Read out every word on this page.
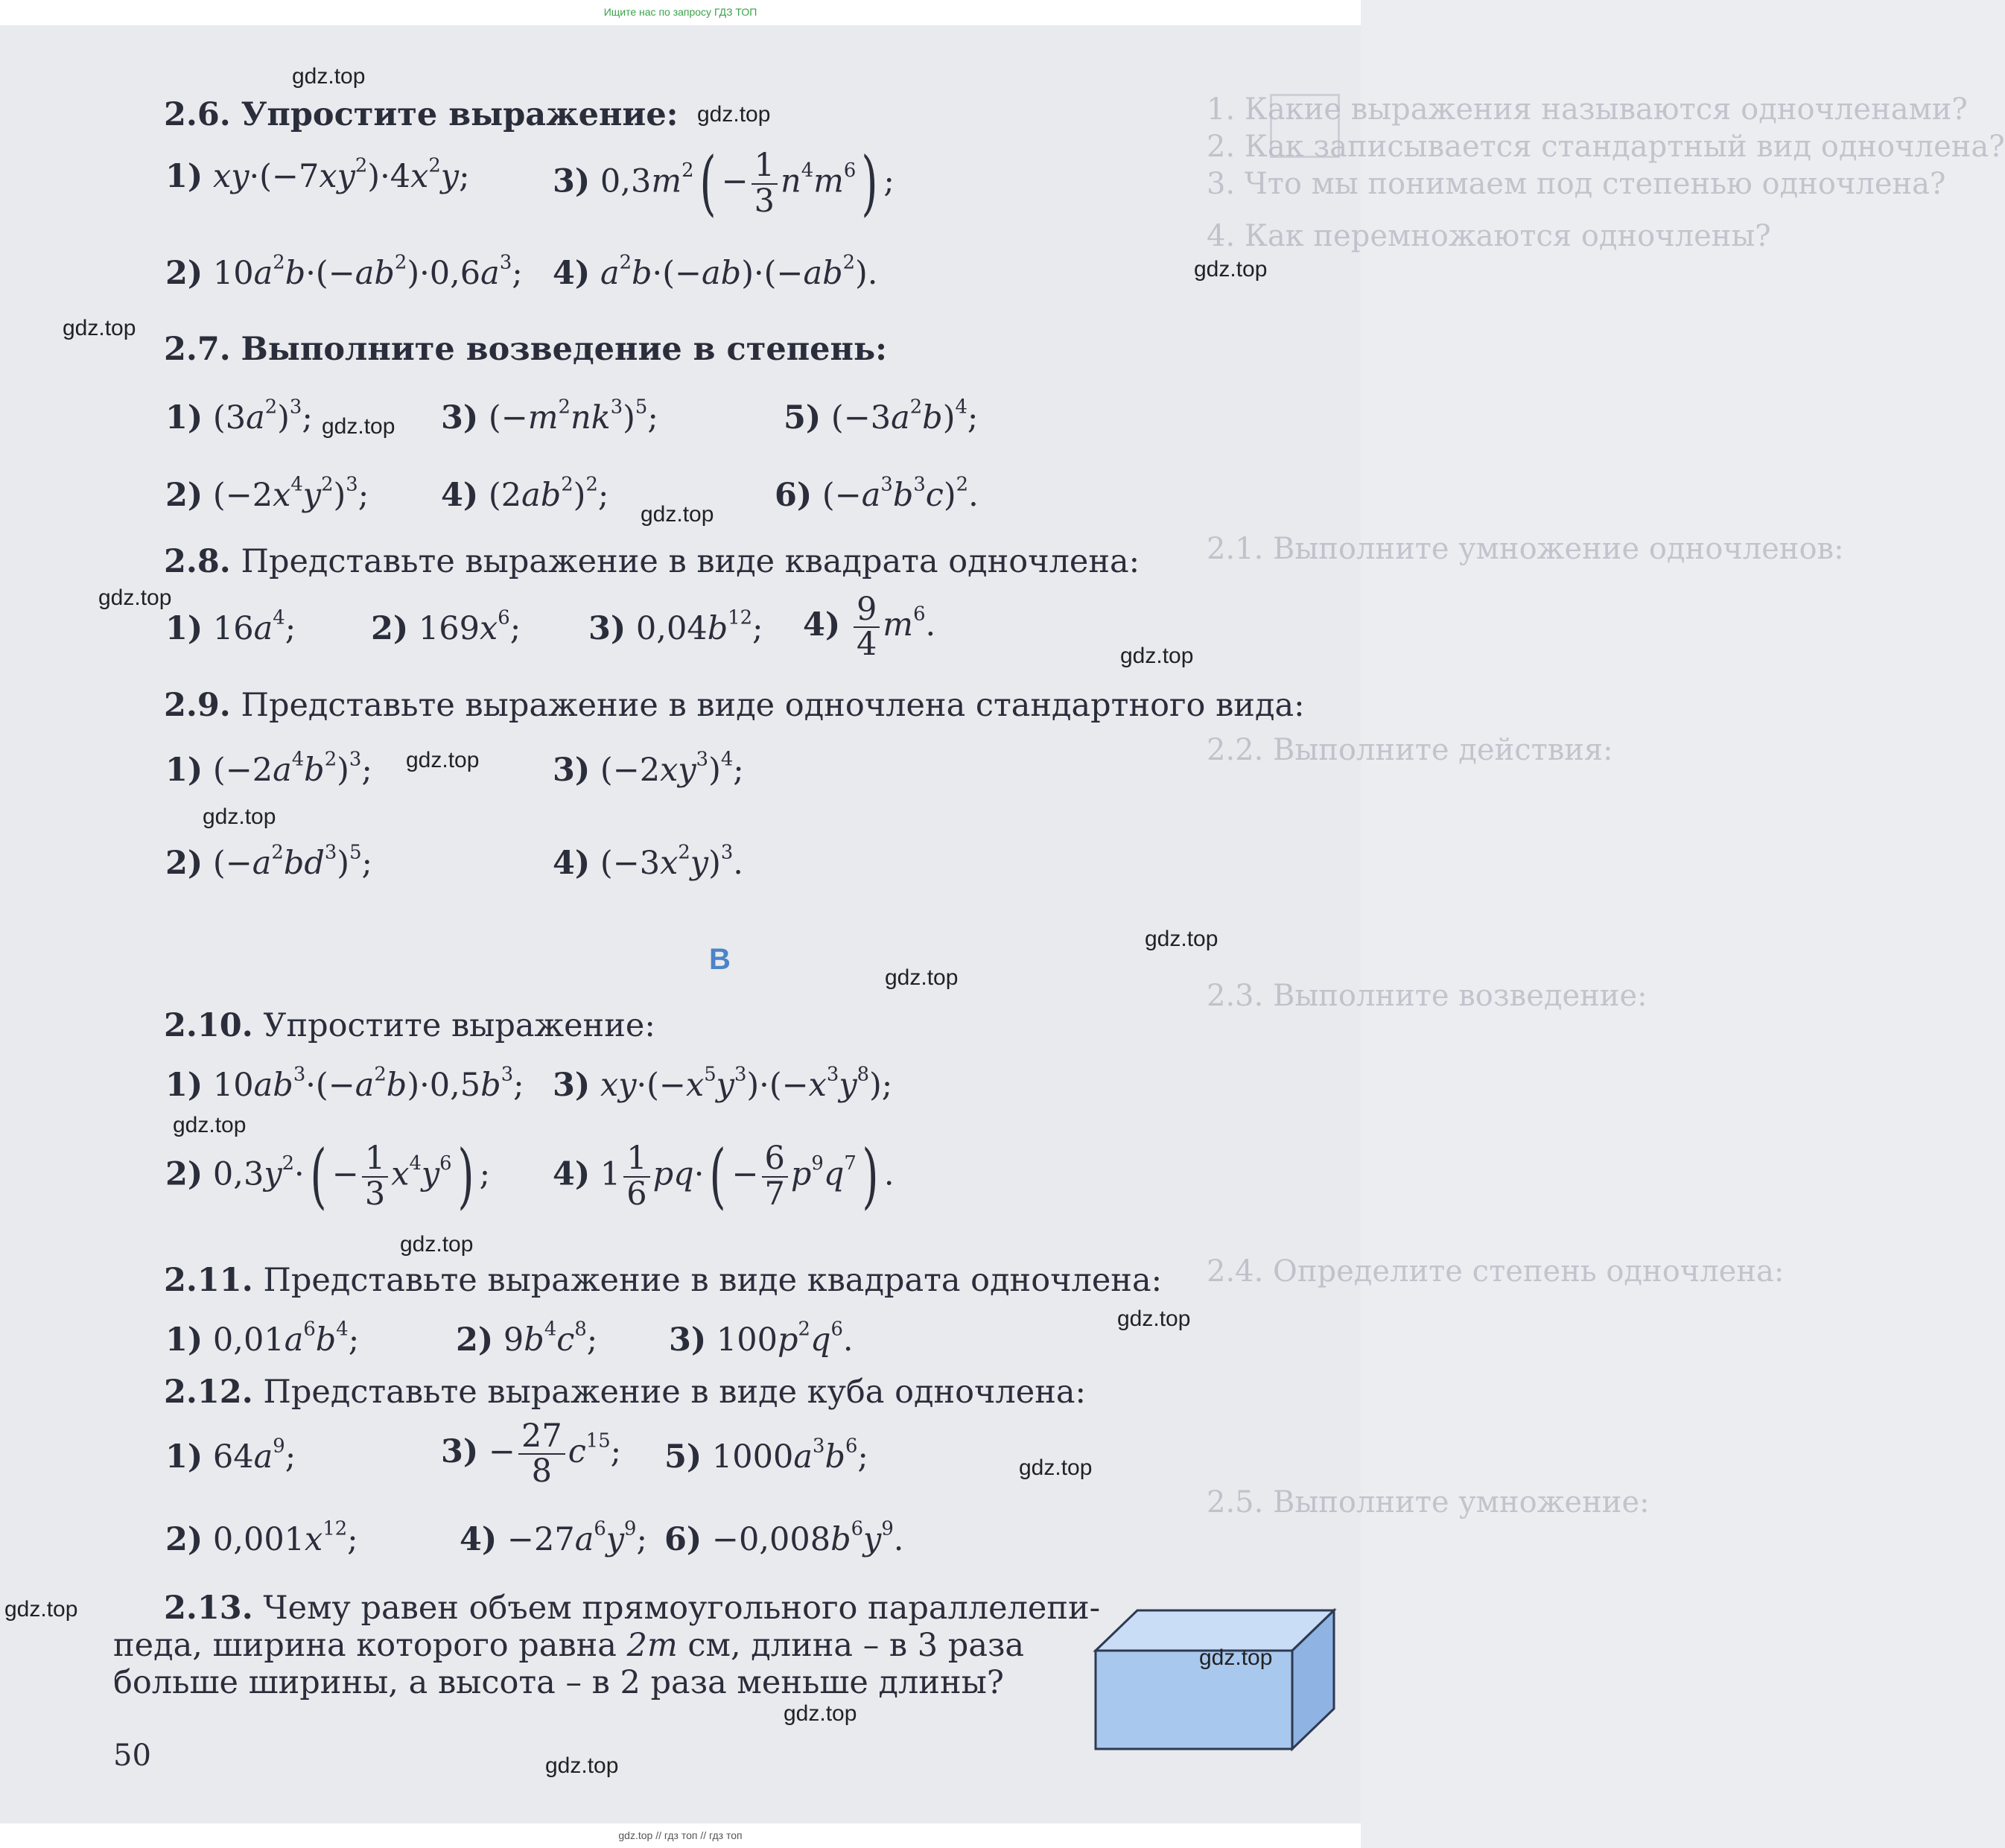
Ищите нас по запросу ГДЗ ТОП
1. Какие выражения называются одночленами?
2. Как записывается стандартный вид одночлена?
3. Что мы понимаем под степенью одночлена?
4. Как перемножаются одночлены?
2.1. Выполните умножение одночленов:
2.2. Выполните действия:
2.3. Выполните возведение:
2.4. Определите степень одночлена:
2.5. Выполните умножение:
2.6. Упростите выражение:
1) $xy\cdot(-7xy^2)\cdot 4x^2y$;	3) $0,3m^2( - \frac{1}{3} n^4m^6)$ ;
2) $10a^2b\cdot(-ab^2)\cdot 0,6a^3$; 4) $a^2b\cdot(-ab)\cdot(-ab^2)$.
2.7. Выполните возведение в степень:
1) $(3a^2)^3$;	3) $(-m^2nk^3)^5$;	5) $(-3a^2b)^4$;
2) $(-2x^4y^2)^3$; 4) $(2ab^2)^2$;	6) $(-a^3b^3c)^2$.
2.8. Представьте выражение в виде квадрата одночлена:
1) $16a^4$; 2) $169x^6$; 3) $0,04b^{12}$; $4) \frac{9}{4} m^6$.
2.9. Представьте выражение в виде одночлена стандартного вида:
1) $(-2a^4b^2)^3$;	3) $(-2xy^3)^4$;
2) $(-a^2bd^3)^5$;	4) $(-3x^2y)^3$.
B
2.10. Упростите выражение:
1) $10ab^3\cdot(-a^2b)\cdot 0,5b^3$; 3) $xy\cdot(-x^5y^3)\cdot(-x^3y^8)$;
2) $0,3y^2\cdot( - \frac{1}{3} x^4y^6)$ ; 4) $1 \frac{1}{6} pq\cdot( - \frac{6}{7} p^9q^7)$ .
2.11. Представьте выражение в виде квадрата одночлена:
1) $0,01a^6b^4$;	2) $9b^4c^8$; 3) $100p^2q^6$.
2.12. Представьте выражение в виде куба одночлена:
1) $64a^9$;	$3) - \frac{27}{8} c^{15}$; 5) $1000a^3b^6$;
2) $0,001x^{12}$;	$4) -27a^6y^9$; $6) -0,008b^6y^9$.
2.13. Чему равен объем прямоугольного параллелепи-
педа, ширина которого равна 2m см, длина – в 3 раза
больше ширины, а высота – в 2 раза меньше длины?
50
gdz.top
gdz.top
gdz.top
gdz.top
gdz.top
gdz.top
gdz.top
gdz.top
gdz.top
gdz.top
gdz.top
gdz.top
gdz.top
gdz.top
gdz.top
gdz.top
gdz.top
gdz.top
gdz.top
gdz.top
gdz.top // гдз топ // гдз топ
